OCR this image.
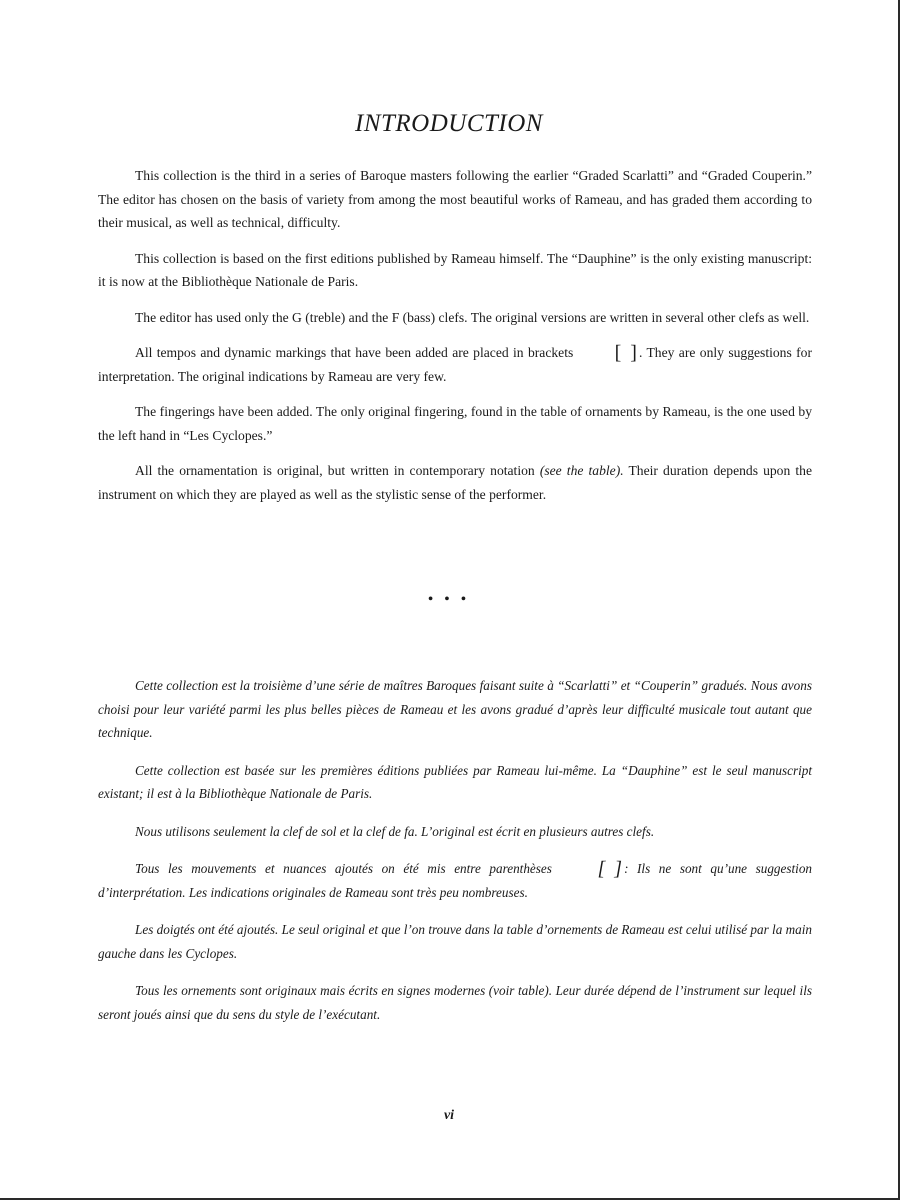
INTRODUCTION

This collection is the third in a series of Baroque masters following the earlier “Graded Scarlatti” and “Graded Couperin.” The editor has chosen on the basis of variety from among the most beautiful works of Rameau, and has graded them according to their musical, as well as technical, difficulty.

This collection is based on the first editions published by Rameau himself. The “Dauphine” is the only existing manuscript: it is now at the Bibliothèque Nationale de Paris.

The editor has used only the G (treble) and the F (bass) clefs. The original versions are written in several other clefs as well.

All tempos and dynamic markings that have been added are placed in brackets [ ]. They are only suggestions for interpretation. The original indications by Rameau are very few.

The fingerings have been added. The only original fingering, found in the table of ornaments by Rameau, is the one used by the left hand in “Les Cyclopes.”

All the ornamentation is original, but written in contemporary notation (see the table). Their duration depends upon the instrument on which they are played as well as the stylistic sense of the performer.

• • •

Cette collection est la troisième d’une série de maîtres Baroques faisant suite à “Scarlatti” et “Couperin” gradués. Nous avons choisi pour leur variété parmi les plus belles pièces de Rameau et les avons gradué d’après leur difficulté musicale tout autant que technique.

Cette collection est basée sur les premières éditions publiées par Rameau lui-même. La “Dauphine” est le seul manuscript existant; il est à la Bibliothèque Nationale de Paris.

Nous utilisons seulement la clef de sol et la clef de fa. L’original est écrit en plusieurs autres clefs.

Tous les mouvements et nuances ajoutés on été mis entre parenthèses [ ]: Ils ne sont qu’une suggestion d’interprétation. Les indications originales de Rameau sont très peu nombreuses.

Les doigtés ont été ajoutés. Le seul original et que l’on trouve dans la table d’ornements de Rameau est celui utilisé par la main gauche dans les Cyclopes.

Tous les ornements sont originaux mais écrits en signes modernes (voir table). Leur durée dépend de l’instrument sur lequel ils seront joués ainsi que du sens du style de l’exécutant.

vi
